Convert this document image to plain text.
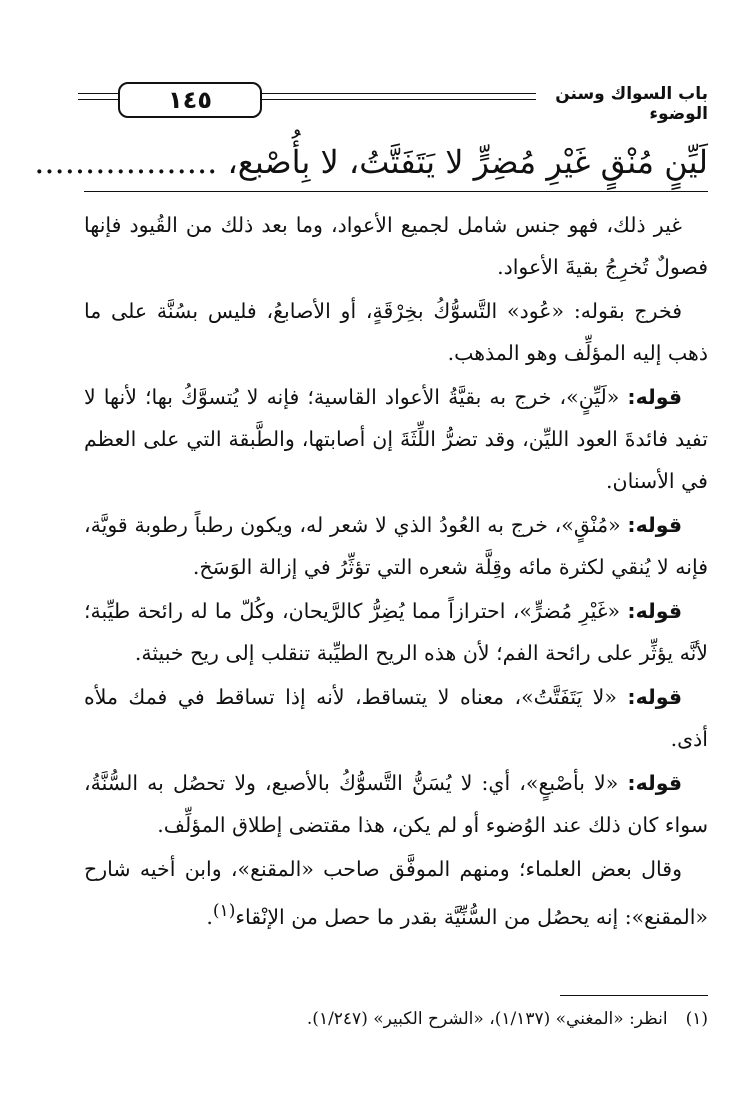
١٤٥	باب السواك وسنن الوضوء
لَيِّنٍ مُنْقٍ غَيْرِ مُضِرٍّ لا يَتَفَتَّتُ، لا بِأُصْبع، ..................

غير ذلك، فهو جنس شامل لجميع الأعواد، وما بعد ذلك من القُيود فإنها فصولٌ تُخرِجُ بقيةَ الأعواد.

فخرج بقوله: «عُود» التَّسوُّكُ بخِرْقَةٍ، أو الأصابعُ، فليس بسُنَّة على ما ذهب إليه المؤلِّف وهو المذهب.

قوله: «لَيِّنٍ»، خرج به بقيَّةُ الأعواد القاسية؛ فإنه لا يُتسوَّكُ بها؛ لأنها لا تفيد فائدةَ العود الليِّن، وقد تضرُّ اللِّثَةَ إن أصابتها، والطَّبقة التي على العظم في الأسنان.

قوله: «مُنْقٍ»، خرج به العُودُ الذي لا شعر له، ويكون رطباً رطوبة قويَّة، فإنه لا يُنقي لكثرة مائه وقِلَّة شعره التي تؤثِّرُ في إزالة الوَسَخ.

قوله: «غَيْرِ مُضرٍّ»، احترازاً مما يُضِرُّ كالرَّيحان، وكُلّ ما له رائحة طيِّبة؛ لأنَّه يؤثِّر على رائحة الفم؛ لأن هذه الريح الطيِّبة تنقلب إلى ريح خبيثة.

قوله: «لا يَتَفَتَّتُ»، معناه لا يتساقط، لأنه إذا تساقط في فمك ملأه أذى.

قوله: «لا بأصْبعٍ»، أي: لا يُسَنُّ التَّسوُّكُ بالأصبع، ولا تحصُل به السُّنَّةُ، سواء كان ذلك عند الوُضوء أو لم يكن، هذا مقتضى إطلاق المؤلِّف.

وقال بعض العلماء؛ ومنهم الموفَّق صاحب «المقنع»، وابن أخيه شارح «المقنع»: إنه يحصُل من السُّنِّيَّة بقدر ما حصل من الإنْقاء$^{(١)}$.

(١)انظر: «المغني» (١/١٣٧)، «الشرح الكبير» (١/٢٤٧).
